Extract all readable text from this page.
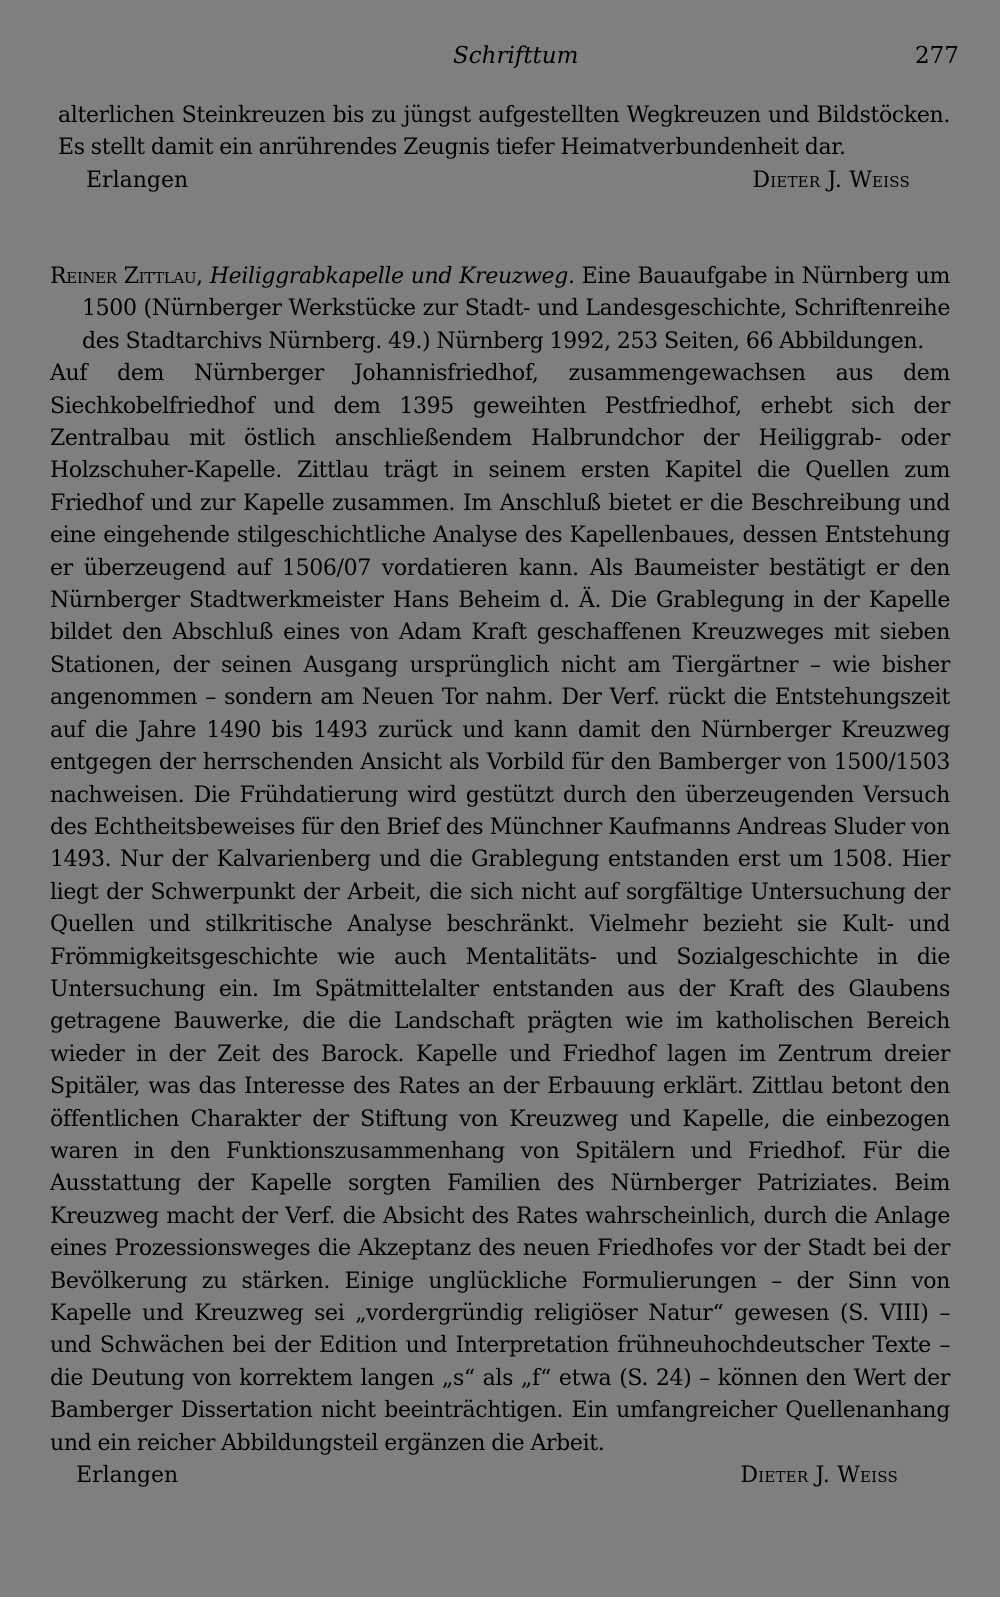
Schrifttum	277

alterlichen Steinkreuzen bis zu jüngst aufgestellten Wegkreuzen und Bildstöcken. Es stellt damit ein anrührendes Zeugnis tiefer Heimatverbundenheit dar.

Erlangen	Dieter J. Weiss

Reiner Zittlau, Heiliggrabkapelle und Kreuzweg. Eine Bauaufgabe in Nürnberg um 1500 (Nürnberger Werkstücke zur Stadt- und Landesgeschichte, Schriftenreihe des Stadtarchivs Nürnberg. 49.) Nürnberg 1992, 253 Seiten, 66 Abbildungen.

Auf dem Nürnberger Johannisfriedhof, zusammengewachsen aus dem Siechkobelfriedhof und dem 1395 geweihten Pestfriedhof, erhebt sich der Zentralbau mit östlich anschließendem Halbrundchor der Heiliggrab- oder Holzschuher-Kapelle. Zittlau trägt in seinem ersten Kapitel die Quellen zum Friedhof und zur Kapelle zusammen. Im Anschluß bietet er die Beschreibung und eine eingehende stilgeschichtliche Analyse des Kapellenbaues, dessen Entstehung er überzeugend auf 1506/07 vordatieren kann. Als Baumeister bestätigt er den Nürnberger Stadtwerkmeister Hans Beheim d. Ä. Die Grablegung in der Kapelle bildet den Abschluß eines von Adam Kraft geschaffenen Kreuzweges mit sieben Stationen, der seinen Ausgang ursprünglich nicht am Tiergärtner – wie bisher angenommen – sondern am Neuen Tor nahm. Der Verf. rückt die Entstehungszeit auf die Jahre 1490 bis 1493 zurück und kann damit den Nürnberger Kreuzweg entgegen der herrschenden Ansicht als Vorbild für den Bamberger von 1500/1503 nachweisen. Die Frühdatierung wird gestützt durch den überzeugenden Versuch des Echtheitsbeweises für den Brief des Münchner Kaufmanns Andreas Sluder von 1493. Nur der Kalvarienberg und die Grablegung entstanden erst um 1508. Hier liegt der Schwerpunkt der Arbeit, die sich nicht auf sorgfältige Untersuchung der Quellen und stilkritische Analyse beschränkt. Vielmehr bezieht sie Kult- und Frömmigkeitsgeschichte wie auch Mentalitäts- und Sozialgeschichte in die Untersuchung ein. Im Spätmittelalter entstanden aus der Kraft des Glaubens getragene Bauwerke, die die Landschaft prägten wie im katholischen Bereich wieder in der Zeit des Barock. Kapelle und Friedhof lagen im Zentrum dreier Spitäler, was das Interesse des Rates an der Erbauung erklärt. Zittlau betont den öffentlichen Charakter der Stiftung von Kreuzweg und Kapelle, die einbezogen waren in den Funktionszusammenhang von Spitälern und Friedhof. Für die Ausstattung der Kapelle sorgten Familien des Nürnberger Patriziates. Beim Kreuzweg macht der Verf. die Absicht des Rates wahrscheinlich, durch die Anlage eines Prozessionsweges die Akzeptanz des neuen Friedhofes vor der Stadt bei der Bevölkerung zu stärken. Einige unglückliche Formulierungen – der Sinn von Kapelle und Kreuzweg sei „vordergründig religiöser Natur“ gewesen (S. VIII) – und Schwächen bei der Edition und Interpretation frühneuhochdeutscher Texte – die Deutung von korrektem langen „s“ als „f“ etwa (S. 24) – können den Wert der Bamberger Dissertation nicht beeinträchtigen. Ein umfangreicher Quellenanhang und ein reicher Abbildungsteil ergänzen die Arbeit.

Erlangen	Dieter J. Weiss
